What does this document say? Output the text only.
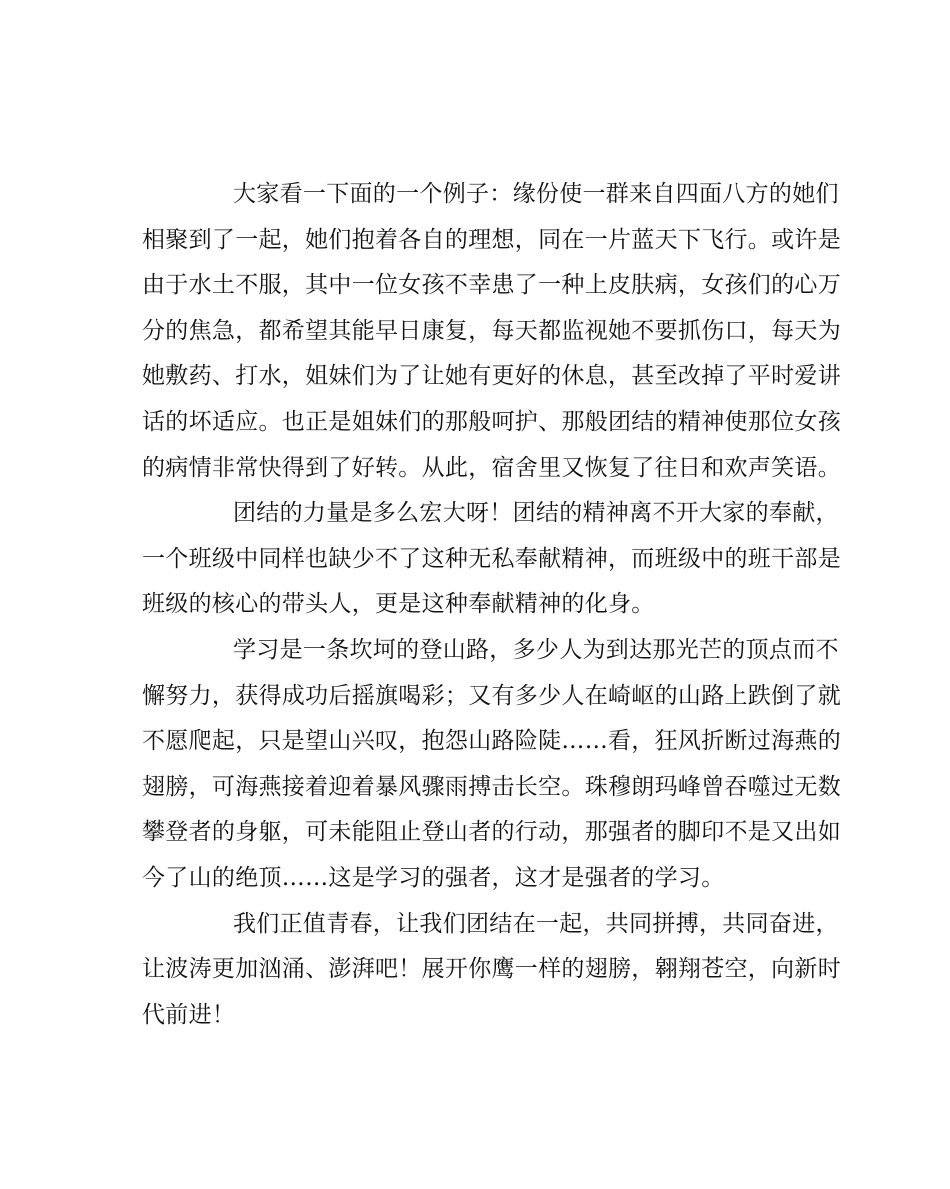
大家看一下面的一个例子：缘份使一群来自四面八方的她们
相聚到了一起，她们抱着各自的理想，同在一片蓝天下飞行。或许是
由于水土不服，其中一位女孩不幸患了一种上皮肤病，女孩们的心万
分的焦急，都希望其能早日康复，每天都监视她不要抓伤口，每天为
她敷药、打水，姐妹们为了让她有更好的休息，甚至改掉了平时爱讲
话的坏适应。也正是姐妹们的那般呵护、那般团结的精神使那位女孩
的病情非常快得到了好转。从此，宿舍里又恢复了往日和欢声笑语。
团结的力量是多么宏大呀！团结的精神离不开大家的奉献，
一个班级中同样也缺少不了这种无私奉献精神，而班级中的班干部是
班级的核心的带头人，更是这种奉献精神的化身。
学习是一条坎坷的登山路，多少人为到达那光芒的顶点而不
懈努力，获得成功后摇旗喝彩；又有多少人在崎岖的山路上跌倒了就
不愿爬起，只是望山兴叹，抱怨山路险陡……看，狂风折断过海燕的
翅膀，可海燕接着迎着暴风骤雨搏击长空。珠穆朗玛峰曾吞噬过无数
攀登者的身躯，可未能阻止登山者的行动，那强者的脚印不是又出如
今了山的绝顶……这是学习的强者，这才是强者的学习。
我们正值青春，让我们团结在一起，共同拼搏，共同奋进，
让波涛更加汹涌、澎湃吧！展开你鹰一样的翅膀，翱翔苍空，向新时
代前进！
